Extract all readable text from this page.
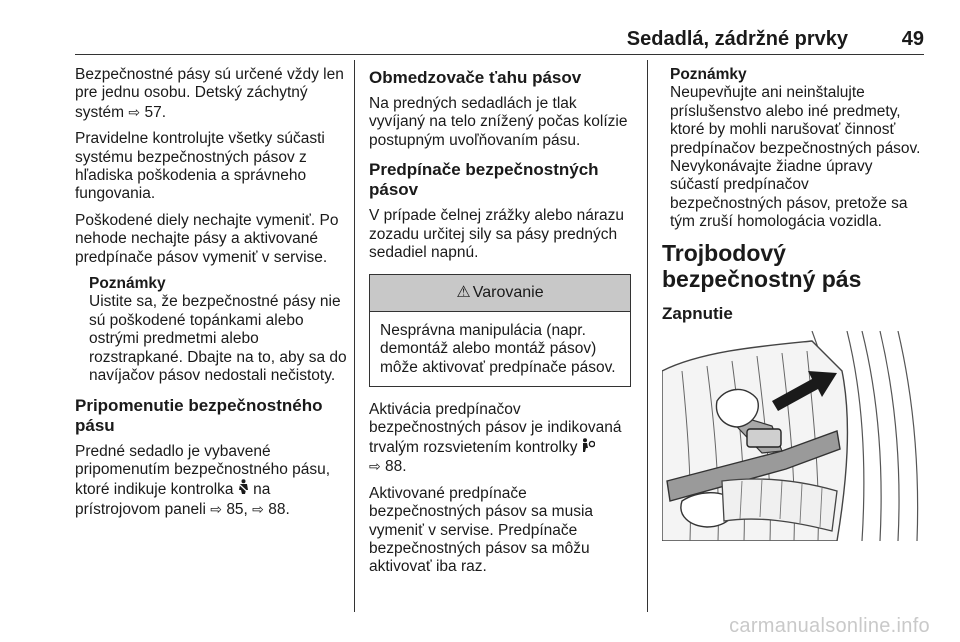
Sedadlá, zádržné prvky	49

Bezpečnostné pásy sú určené vždy len pre jednu osobu. Detský záchytný systém ⇨ 57.

Pravidelne kontrolujte všetky súčasti systému bezpečnostných pásov z hľadiska poškodenia a správneho fungovania.

Poškodené diely nechajte vymeniť. Po nehode nechajte pásy a aktivované predpínače pásov vymeniť v servise.

Poznámky
Uistite sa, že bezpečnostné pásy nie sú poškodené topánkami alebo ostrými predmetmi alebo rozstrapkané. Dbajte na to, aby sa do navíjačov pásov nedostali nečistoty.
Pripomenutie bezpečnostného pásu

Predné sedadlo je vybavené pripomenutím bezpečnostného pásu, ktoré indikuje kontrolka  na prístrojovom paneli ⇨ 85, ⇨ 88.

Obmedzovače ťahu pásov

Na predných sedadlách je tlak vyvíjaný na telo znížený počas kolízie postupným uvoľňovaním pásu.

Predpínače bezpečnostných pásov

V prípade čelnej zrážky alebo nárazu zozadu určitej sily sa pásy predných sedadiel napnú.

⚠ Varovanie
Nesprávna manipulácia (napr. demontáž alebo montáž pásov) môže aktivovať predpínače pásov.

Aktivácia predpínačov bezpečnostných pásov je indikovaná trvalým rozsvietením kontrolky
⇨ 88.

Aktivované predpínače bezpečnostných pásov sa musia vymeniť v servise. Predpínače bezpečnostných pásov sa môžu aktivovať iba raz.

Poznámky
Neupevňujte ani neinštalujte príslušenstvo alebo iné predmety, ktoré by mohli narušovať činnosť predpínačov bezpečnostných pásov. Nevykonávajte žiadne úpravy súčastí predpínačov bezpečnostných pásov, pretože sa tým zruší homologácia vozidla.
Trojbodový bezpečnostný pás
Zapnutie
carmanualsonline.info
